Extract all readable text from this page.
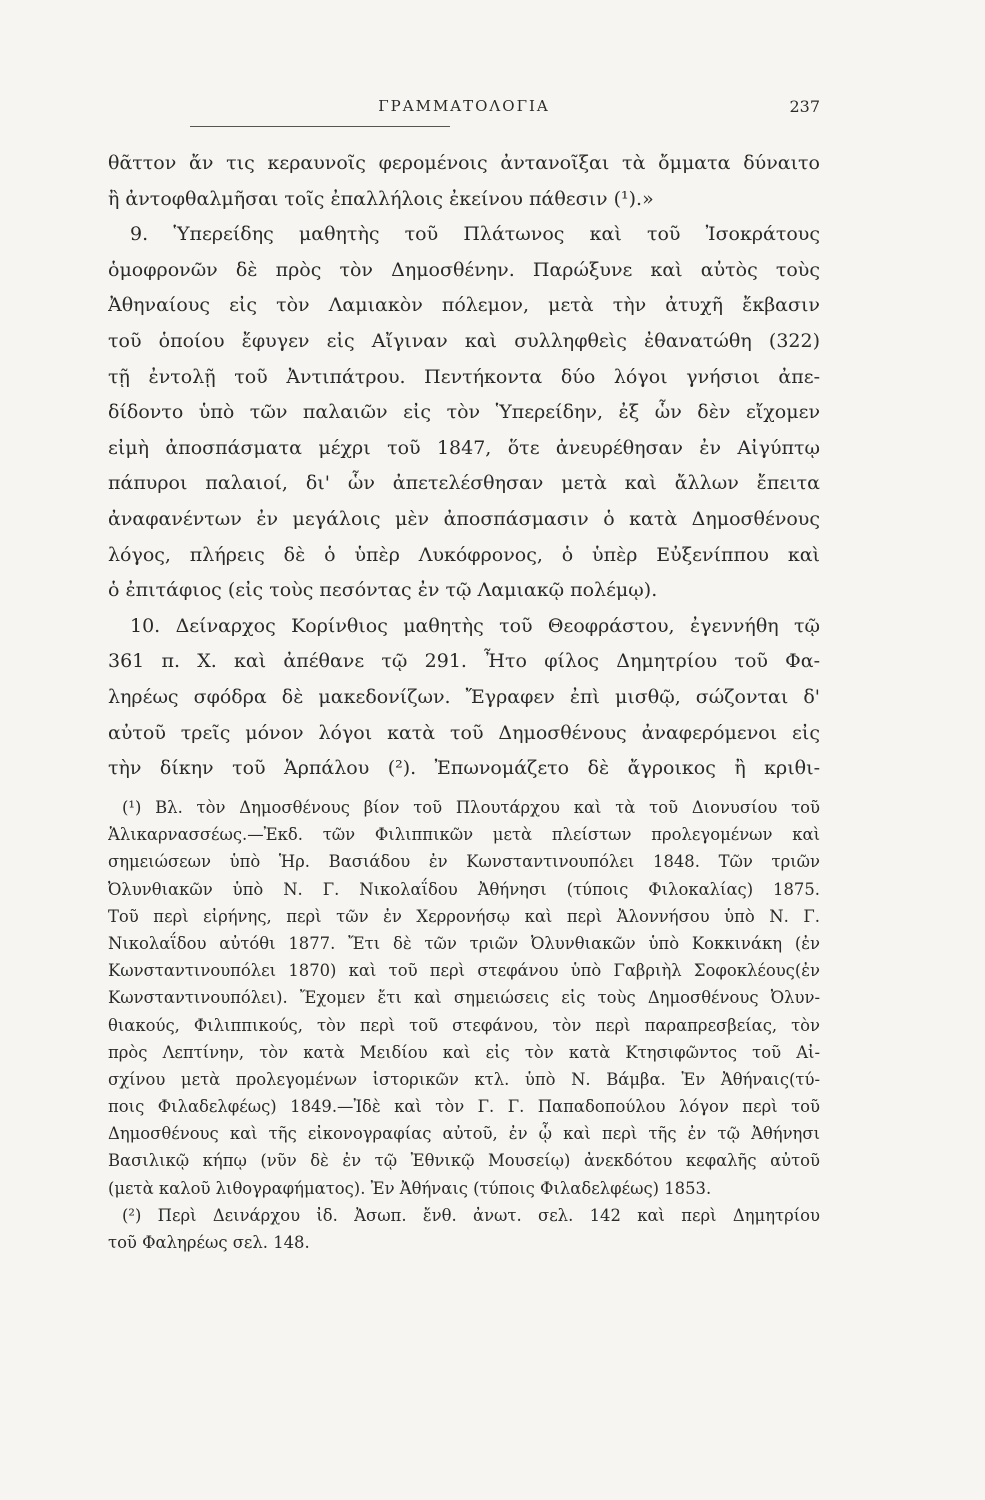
ΓΡΑΜΜΑΤΟΛΟΓΙΑ	237
θᾶττον ἄν τις κεραυνοῖς φερομένοις ἀντανοῖξαι τὰ ὄμματα δύναιτο
ἢ ἀντοφθαλμῆσαι τοῖς ἐπαλλήλοις ἐκείνου πάθεσιν (¹).»
9. Ὑπερείδης μαθητὴς τοῦ Πλάτωνος καὶ τοῦ Ἰσοκράτους
ὁμοφρονῶν δὲ πρὸς τὸν Δημοσθένην. Παρώξυνε καὶ αὐτὸς τοὺς
Ἀθηναίους εἰς τὸν Λαμιακὸν πόλεμον, μετὰ τὴν ἀτυχῆ ἔκβασιν
τοῦ ὁποίου ἔφυγεν εἰς Αἴγιναν καὶ συλληφθεὶς ἐθανατώθη (322)
τῇ ἐντολῇ τοῦ Ἀντιπάτρου. Πεντήκοντα δύο λόγοι γνήσιοι ἀπε-
δίδοντο ὑπὸ τῶν παλαιῶν εἰς τὸν Ὑπερείδην, ἐξ ὧν δὲν εἴχομεν
εἰμὴ ἀποσπάσματα μέχρι τοῦ 1847, ὅτε ἀνευρέθησαν ἐν Αἰγύπτῳ
πάπυροι παλαιοί, δι' ὧν ἀπετελέσθησαν μετὰ καὶ ἄλλων ἔπειτα
ἀναφανέντων ἐν μεγάλοις μὲν ἀποσπάσμασιν ὁ κατὰ Δημοσθένους
λόγος, πλήρεις δὲ ὁ ὑπὲρ Λυκόφρονος, ὁ ὑπὲρ Εὐξενίππου καὶ
ὁ ἐπιτάφιος (εἰς τοὺς πεσόντας ἐν τῷ Λαμιακῷ πολέμῳ).
10. Δείναρχος Κορίνθιος μαθητὴς τοῦ Θεοφράστου, ἐγεννήθη τῷ
361 π. Χ. καὶ ἀπέθανε τῷ 291. Ἦτο φίλος Δημητρίου τοῦ Φα-
ληρέως σφόδρα δὲ μακεδονίζων. Ἔγραφεν ἐπὶ μισθῷ, σώζονται δ'
αὐτοῦ τρεῖς μόνον λόγοι κατὰ τοῦ Δημοσθένους ἀναφερόμενοι εἰς
τὴν δίκην τοῦ Ἁρπάλου (²). Ἐπωνομάζετο δὲ ἄγροικος ἢ κριθι-
(¹) Βλ. τὸν Δημοσθένους βίον τοῦ Πλουτάρχου καὶ τὰ τοῦ Διονυσίου τοῦ
Ἁλικαρνασσέως.—Ἐκδ. τῶν Φιλιππικῶν μετὰ πλείστων προλεγομένων καὶ
σημειώσεων ὑπὸ Ἡρ. Βασιάδου ἐν Κωνσταντινουπόλει 1848. Τῶν τριῶν
Ὀλυνθιακῶν ὑπὸ Ν. Γ. Νικολαΐδου Ἀθήνησι (τύποις Φιλοκαλίας) 1875.
Τοῦ περὶ εἰρήνης, περὶ τῶν ἐν Χερρονήσῳ καὶ περὶ Ἀλοννήσου ὑπὸ Ν. Γ.
Νικολαΐδου αὐτόθι 1877. Ἔτι δὲ τῶν τριῶν Ὀλυνθιακῶν ὑπὸ Κοκκινάκη (ἐν
Κωνσταντινουπόλει 1870) καὶ τοῦ περὶ στεφάνου ὑπὸ Γαβριὴλ Σοφοκλέους(ἐν
Κωνσταντινουπόλει). Ἔχομεν ἔτι καὶ σημειώσεις εἰς τοὺς Δημοσθένους Ὀλυν-
θιακούς, Φιλιππικούς, τὸν περὶ τοῦ στεφάνου, τὸν περὶ παραπρεσβείας, τὸν
πρὸς Λεπτίνην, τὸν κατὰ Μειδίου καὶ εἰς τὸν κατὰ Κτησιφῶντος τοῦ Αἰ-
σχίνου μετὰ προλεγομένων ἱστορικῶν κτλ. ὑπὸ Ν. Βάμβα. Ἐν Ἀθήναις(τύ-
ποις Φιλαδελφέως) 1849.—Ἰδὲ καὶ τὸν Γ. Γ. Παπαδοπούλου λόγον περὶ τοῦ
Δημοσθένους καὶ τῆς εἰκονογραφίας αὐτοῦ, ἐν ᾧ καὶ περὶ τῆς ἐν τῷ Ἀθήνησι
Βασιλικῷ κήπῳ (νῦν δὲ ἐν τῷ Ἐθνικῷ Μουσείῳ) ἀνεκδότου κεφαλῆς αὐτοῦ
(μετὰ καλοῦ λιθογραφήματος). Ἐν Ἀθήναις (τύποις Φιλαδελφέως) 1853.
(²) Περὶ Δεινάρχου ἰδ. Ἀσωπ. ἔνθ. ἀνωτ. σελ. 142 καὶ περὶ Δημητρίου
τοῦ Φαληρέως σελ. 148.
